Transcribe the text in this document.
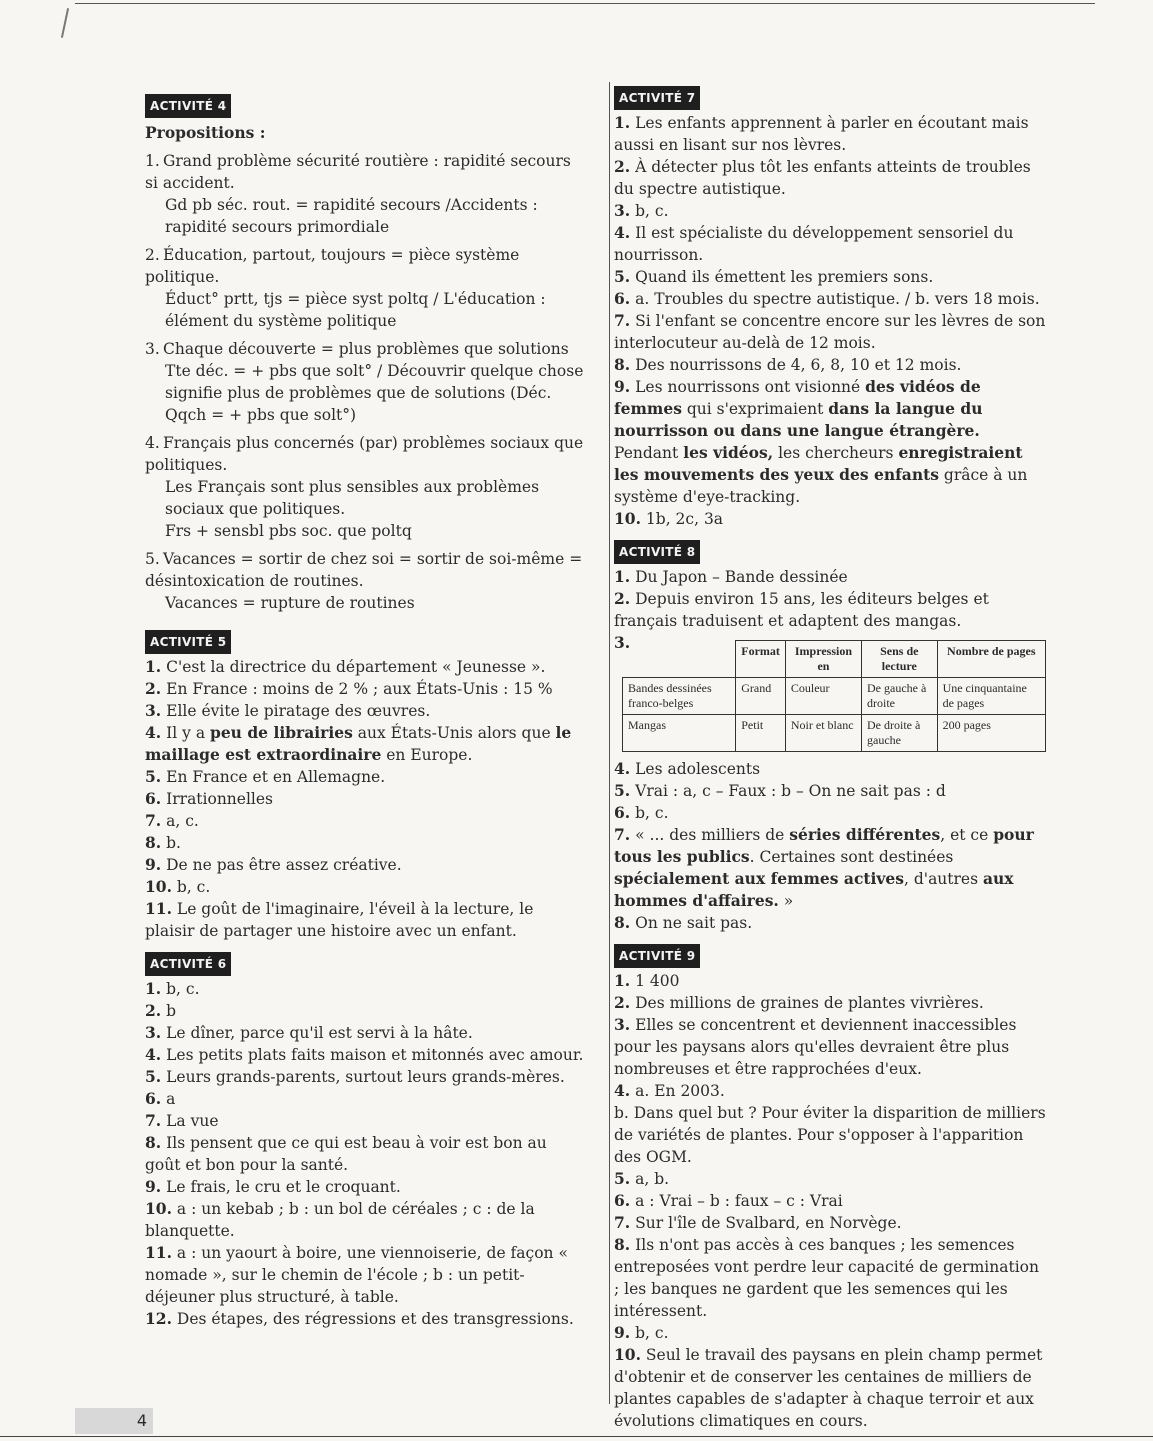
ACTIVITÉ 4
Propositions :
1. Grand problème sécurité routière : rapidité secours si accident.
Gd pb séc. rout. = rapidité secours /Accidents : rapidité secours primordiale
2. Éducation, partout, toujours = pièce système politique.
Éduct° prtt, tjs = pièce syst poltq / L'éducation : élément du système politique
3. Chaque découverte = plus problèmes que solutions
Tte déc. = + pbs que solt° / Découvrir quelque chose signifie plus de problèmes que de solutions (Déc. Qqch = + pbs que solt°)
4. Français plus concernés (par) problèmes sociaux que politiques.
Les Français sont plus sensibles aux problèmes sociaux que politiques.
Frs + sensbl pbs soc. que poltq
5. Vacances = sortir de chez soi = sortir de soi-même = désintoxication de routines.
Vacances = rupture de routines
ACTIVITÉ 5
1. C'est la directrice du département « Jeunesse ».
2. En France : moins de 2 % ; aux États-Unis : 15 %
3. Elle évite le piratage des œuvres.
4. Il y a peu de librairies aux États-Unis alors que le maillage est extraordinaire en Europe.
5. En France et en Allemagne.
6. Irrationnelles
7. a, c.
8. b.
9. De ne pas être assez créative.
10. b, c.
11. Le goût de l'imaginaire, l'éveil à la lecture, le plaisir de partager une histoire avec un enfant.
ACTIVITÉ 6
1. b, c.
2. b
3. Le dîner, parce qu'il est servi à la hâte.
4. Les petits plats faits maison et mitonnés avec amour.
5. Leurs grands-parents, surtout leurs grands-mères.
6. a
7. La vue
8. Ils pensent que ce qui est beau à voir est bon au goût et bon pour la santé.
9. Le frais, le cru et le croquant.
10. a : un kebab ; b : un bol de céréales ; c : de la blanquette.
11. a : un yaourt à boire, une viennoiserie, de façon « nomade », sur le chemin de l'école ; b : un petit-déjeuner plus structuré, à table.
12. Des étapes, des régressions et des transgressions.
ACTIVITÉ 7
1. Les enfants apprennent à parler en écoutant mais aussi en lisant sur nos lèvres.
2. À détecter plus tôt les enfants atteints de troubles du spectre autistique.
3. b, c.
4. Il est spécialiste du développement sensoriel du nourrisson.
5. Quand ils émettent les premiers sons.
6. a. Troubles du spectre autistique. / b. vers 18 mois.
7. Si l'enfant se concentre encore sur les lèvres de son interlocuteur au-delà de 12 mois.
8. Des nourrissons de 4, 6, 8, 10 et 12 mois.
9. Les nourrissons ont visionné des vidéos de femmes qui s'exprimaient dans la langue du nourrisson ou dans une langue étrangère. Pendant les vidéos, les chercheurs enregistraient les mouvements des yeux des enfants grâce à un système d'eye-tracking.
10. 1b, 2c, 3a
ACTIVITÉ 8
1. Du Japon – Bande dessinée
2. Depuis environ 15 ans, les éditeurs belges et français traduisent et adaptent des mangas.
3.
		Format	Impression en	Sens de lecture	Nombre de pages
Bandes dessinées franco-belges	Grand	Couleur	De gauche à droite	Une cinquantaine de pages
Mangas	Petit	Noir et blanc	De droite à gauche	200 pages
4. Les adolescents
5. Vrai : a, c – Faux : b – On ne sait pas : d
6. b, c.
7. « ... des milliers de séries différentes, et ce pour tous les publics. Certaines sont destinées spécialement aux femmes actives, d'autres aux hommes d'affaires. »
8. On ne sait pas.
ACTIVITÉ 9
1. 1 400
2. Des millions de graines de plantes vivrières.
3. Elles se concentrent et deviennent inaccessibles pour les paysans alors qu'elles devraient être plus nombreuses et être rapprochées d'eux.
4. a. En 2003.
b. Dans quel but ? Pour éviter la disparition de milliers de variétés de plantes. Pour s'opposer à l'apparition des OGM.
5. a, b.
6. a : Vrai – b : faux – c : Vrai
7. Sur l'île de Svalbard, en Norvège.
8. Ils n'ont pas accès à ces banques ; les semences entreposées vont perdre leur capacité de germination ; les banques ne gardent que les semences qui les intéressent.
9. b, c.
10. Seul le travail des paysans en plein champ permet d'obtenir et de conserver les centaines de milliers de plantes capables de s'adapter à chaque terroir et aux évolutions climatiques en cours.
4
